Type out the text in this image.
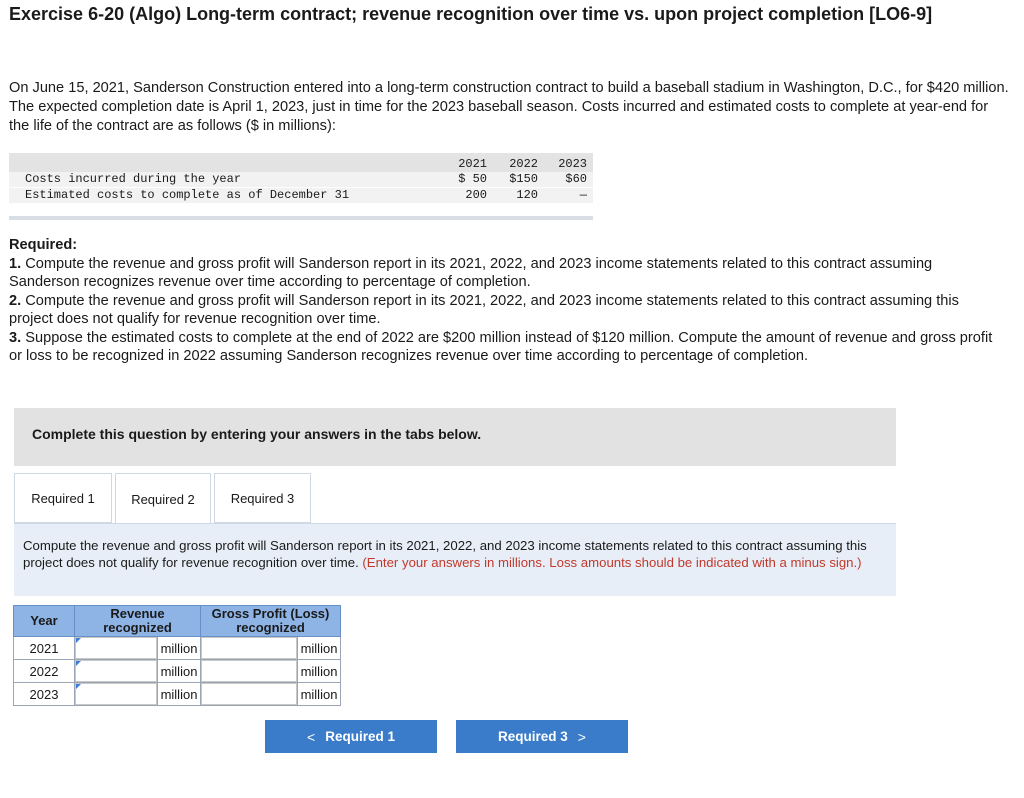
Exercise 6-20 (Algo) Long-term contract; revenue recognition over time vs. upon project completion [LO6-9]
On June 15, 2021, Sanderson Construction entered into a long-term construction contract to build a baseball stadium in Washington, D.C., for $420 million. The expected completion date is April 1, 2023, just in time for the 2023 baseball season. Costs incurred and estimated costs to complete at year-end for the life of the contract are as follows ($ in millions):
2021	2022	2023
Costs incurred during the year	$ 50	$150	$60
Estimated costs to complete as of December 31	200	120	—

Required:

1. Compute the revenue and gross profit will Sanderson report in its 2021, 2022, and 2023 income statements related to this contract assuming Sanderson recognizes revenue over time according to percentage of completion.

2. Compute the revenue and gross profit will Sanderson report in its 2021, 2022, and 2023 income statements related to this contract assuming this project does not qualify for revenue recognition over time.

3. Suppose the estimated costs to complete at the end of 2022 are $200 million instead of $120 million. Compute the amount of revenue and gross profit or loss to be recognized in 2022 assuming Sanderson recognizes revenue over time according to percentage of completion.

Complete this question by entering your answers in the tabs below.
Required 1	Required 2	Required 3
Compute the revenue and gross profit will Sanderson report in its 2021, 2022, and 2023 income statements related to this contract assuming this project does not qualify for revenue recognition over time. (Enter your answers in millions. Loss amounts should be indicated with a minus sign.)
Year	Revenue recognized		Gross Profit (Loss) recognized	
2021		million		million
2022		million		million
2023		million		million
< Required 1	Required 3 >
